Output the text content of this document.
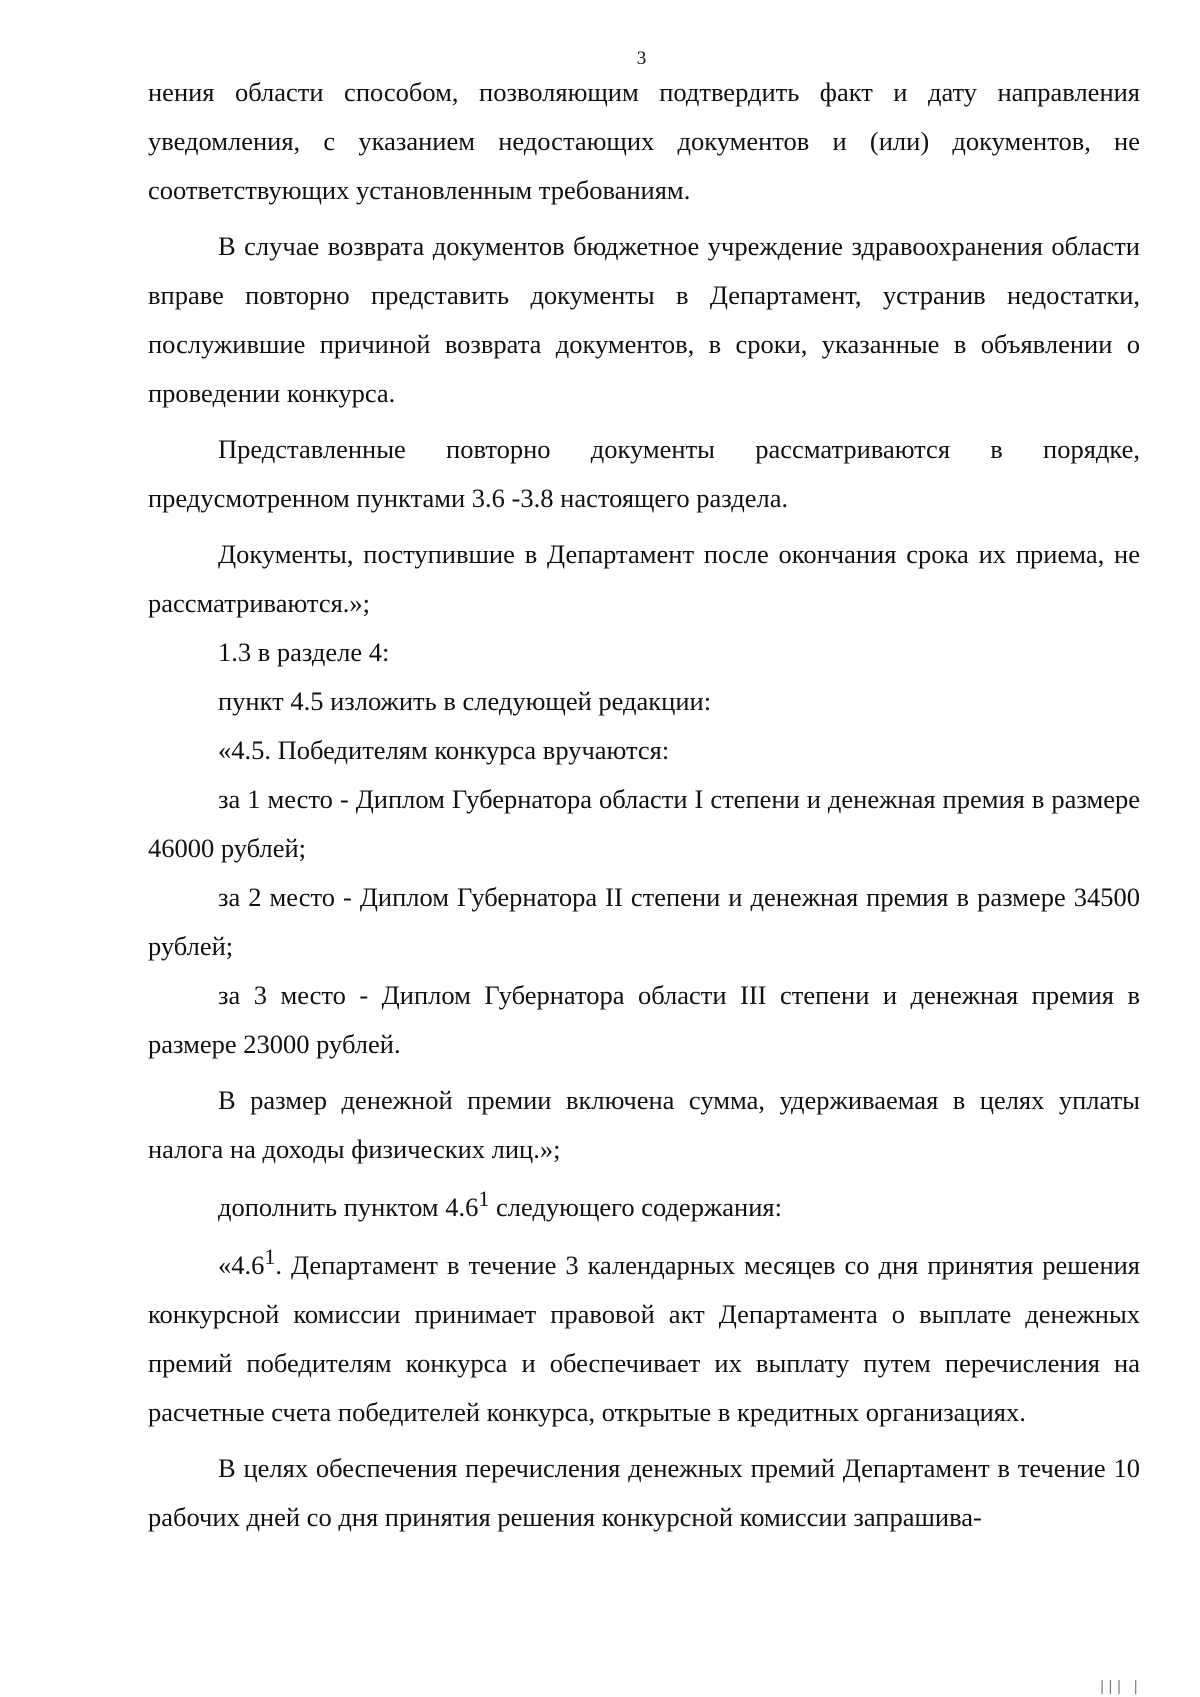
3

нения области способом, позволяющим подтвердить факт и дату направления уведомления, с указанием недостающих документов и (или) документов, не соответствующих установленным требованиям.

В случае возврата документов бюджетное учреждение здравоохранения области вправе повторно представить документы в Департамент, устранив недостатки, послужившие причиной возврата документов, в сроки, указанные в объявлении о проведении конкурса.

Представленные повторно документы рассматриваются в порядке, предусмотренном пунктами 3.6 -3.8 настоящего раздела.

Документы, поступившие в Департамент после окончания срока их приема, не рассматриваются.»;

1.3 в разделе 4:

пункт 4.5 изложить в следующей редакции:

«4.5. Победителям конкурса вручаются:

за 1 место - Диплом Губернатора области I степени и денежная премия в размере 46000 рублей;

за 2 место - Диплом Губернатора II степени и денежная премия в размере 34500 рублей;

за 3 место - Диплом Губернатора области III степени и денежная премия в размере 23000 рублей.

В размер денежной премии включена сумма, удерживаемая в целях уплаты налога на доходы физических лиц.»;

дополнить пунктом $4.6^1$ следующего содержания:

«$4.6^1$. Департамент в течение 3 календарных месяцев со дня принятия решения конкурсной комиссии принимает правовой акт Департамента о выплате денежных премий победителям конкурса и обеспечивает их выплату путем перечисления на расчетные счета победителей конкурса, открытые в кредитных организациях.

В целях обеспечения перечисления денежных премий Департамент в течение 10 рабочих дней со дня принятия решения конкурсной комиссии запрашива-

||| |
